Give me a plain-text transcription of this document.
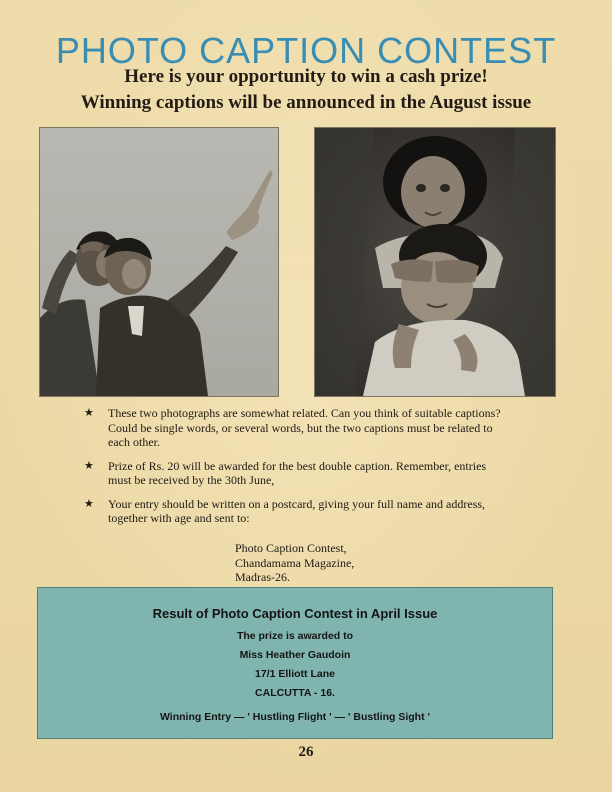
PHOTO CAPTION CONTEST
Here is your opportunity to win a cash prize!
Winning captions will be announced in the August issue
★ These two photographs are somewhat related. Can you think of suitable captions? Could be single words, or several words, but the two captions must be related to each other.
★ Prize of Rs. 20 will be awarded for the best double caption. Remember, entries must be received by the 30th June,
★ Your entry should be written on a postcard, giving your full name and address, together with age and sent to:
Photo Caption Contest,
Chandamama Magazine,
Madras-26.
Result of Photo Caption Contest in April Issue
The prize is awarded to
Miss Heather Gaudoin
17/1 Elliott Lane
CALCUTTA - 16.
Winning Entry — ' Hustling Flight ' — ' Bustling Sight '
26
